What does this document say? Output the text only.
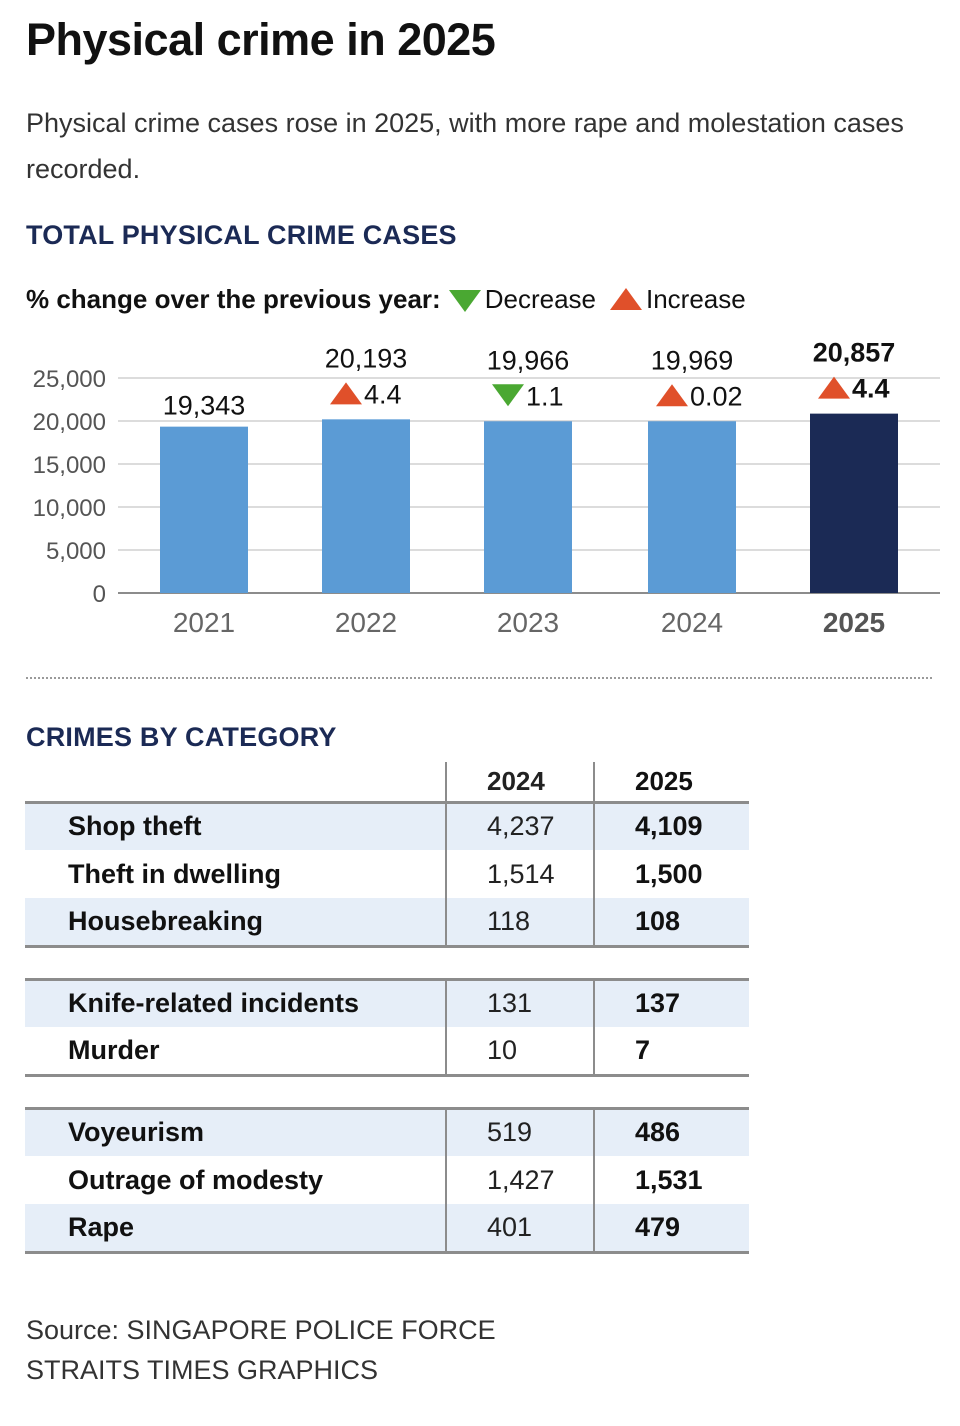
Physical crime in 2025
Physical crime cases rose in 2025, with more rape and molestation cases recorded.
TOTAL PHYSICAL CRIME CASES
% change over the previous year: Decrease Increase
0
5,000
10,000
15,000
20,000
25,000
2021
19,343
2022
20,193
4.4
2023
19,966
1.1
2024
19,969
0.02
2025
20,857
4.4
CRIMES BY CATEGORY
	2024	2025
Shop theft	4,237	4,109
Theft in dwelling	1,514	1,500
Housebreaking	118	108

Knife-related incidents	131	137
Murder	10	7

Voyeurism	519	486
Outrage of modesty	1,427	1,531
Rape	401	479
Source: SINGAPORE POLICE FORCE
STRAITS TIMES GRAPHICS
